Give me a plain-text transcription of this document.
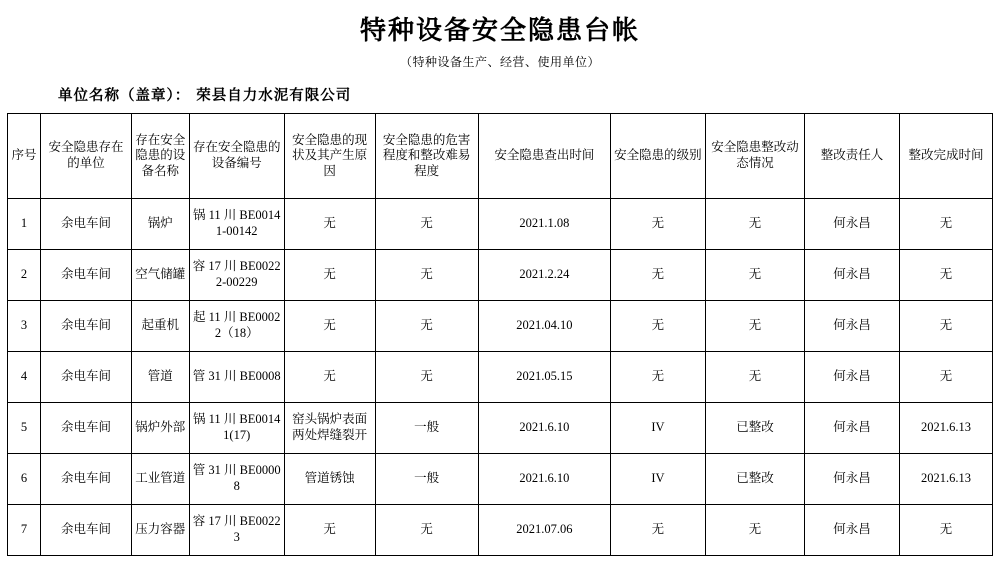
特种设备安全隐患台帐
（特种设备生产、经营、使用单位）
单位名称（盖章）： 荣县自力水泥有限公司
序号	安全隐患存在的单位	存在安全隐患的设备名称	存在安全隐患的设备编号	安全隐患的现状及其产生原因	安全隐患的危害程度和整改难易程度	安全隐患查出时间	安全隐患的级别	安全隐患整改动态情况	整改责任人	整改完成时间
1	余电车间	锅炉	锅 11 川 BE00141-00142	无	无	2021.1.08	无	无	何永昌	无
2	余电车间	空气储罐	容 17 川 BE00222-00229	无	无	2021.2.24	无	无	何永昌	无
3	余电车间	起重机	起 11 川 BE00022（18）	无	无	2021.04.10	无	无	何永昌	无
4	余电车间	管道	管 31 川 BE0008	无	无	2021.05.15	无	无	何永昌	无
5	余电车间	锅炉外部	锅 11 川 BE00141(17)	窑头锅炉表面两处焊缝裂开	一般	2021.6.10	IV	已整改	何永昌	2021.6.13
6	余电车间	工业管道	管 31 川 BE00008	管道锈蚀	一般	2021.6.10	IV	已整改	何永昌	2021.6.13
7	余电车间	压力容器	容 17 川 BE00223	无	无	2021.07.06	无	无	何永昌	无
